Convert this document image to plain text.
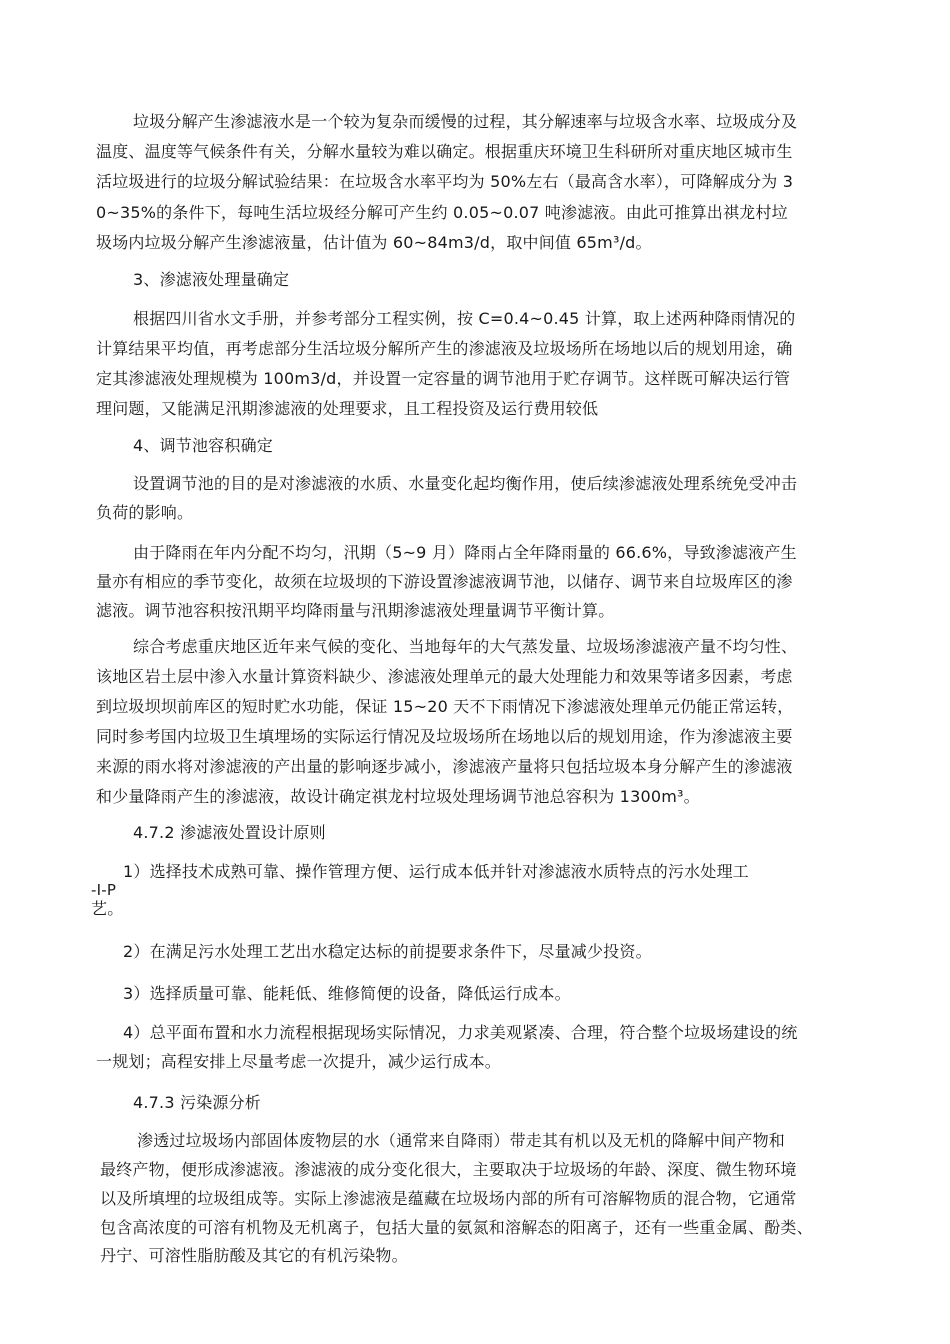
垃圾分解产生渗滤液水是一个较为复杂而缓慢的过程，其分解速率与垃圾含水率、垃圾成分及
温度、温度等气候条件有关，分解水量较为难以确定。根据重庆环境卫生科研所对重庆地区城市生
活垃圾进行的垃圾分解试验结果：在垃圾含水率平均为 50%左右（最高含水率），可降解成分为 3
0~35%的条件下，每吨生活垃圾经分解可产生约 0.05~0.07 吨渗滤液。由此可推算出祺龙村垃
圾场内垃圾分解产生渗滤液量，估计值为 60~84m3/d，取中间值 65m³/d。
3、渗滤液处理量确定
根据四川省水文手册，并参考部分工程实例，按 C=0.4~0.45 计算，取上述两种降雨情况的
计算结果平均值，再考虑部分生活垃圾分解所产生的渗滤液及垃圾场所在场地以后的规划用途，确
定其渗滤液处理规模为 100m3/d，并设置一定容量的调节池用于贮存调节。这样既可解决运行管
理问题，又能满足汛期渗滤液的处理要求，且工程投资及运行费用较低
4、调节池容积确定
设置调节池的目的是对渗滤液的水质、水量变化起均衡作用，使后续渗滤液处理系统免受冲击
负荷的影响。
由于降雨在年内分配不均匀，汛期（5~9 月）降雨占全年降雨量的 66.6%，导致渗滤液产生
量亦有相应的季节变化，故须在垃圾坝的下游设置渗滤液调节池，以储存、调节来自垃圾库区的渗
滤液。调节池容积按汛期平均降雨量与汛期渗滤液处理量调节平衡计算。
综合考虑重庆地区近年来气候的变化、当地每年的大气蒸发量、垃圾场渗滤液产量不均匀性、
该地区岩土层中渗入水量计算资料缺少、渗滤液处理单元的最大处理能力和效果等诸多因素，考虑
到垃圾坝坝前库区的短时贮水功能，保证 15~20 天不下雨情况下渗滤液处理单元仍能正常运转，
同时参考国内垃圾卫生填埋场的实际运行情况及垃圾场所在场地以后的规划用途，作为渗滤液主要
来源的雨水将对渗滤液的产出量的影响逐步减小，渗滤液产量将只包括垃圾本身分解产生的渗滤液
和少量降雨产生的渗滤液，故设计确定祺龙村垃圾处理场调节池总容积为 1300m³。
4.7.2 渗滤液处置设计原则
1）选择技术成熟可靠、操作管理方便、运行成本低并针对渗滤液水质特点的污水处理工
-I-P
艺。
2）在满足污水处理工艺出水稳定达标的前提要求条件下，尽量减少投资。
3）选择质量可靠、能耗低、维修简便的设备，降低运行成本。
4）总平面布置和水力流程根据现场实际情况，力求美观紧凑、合理，符合整个垃圾场建设的统
一规划；高程安排上尽量考虑一次提升，减少运行成本。
4.7.3 污染源分析
渗透过垃圾场内部固体废物层的水（通常来自降雨）带走其有机以及无机的降解中间产物和
最终产物，便形成渗滤液。渗滤液的成分变化很大，主要取决于垃圾场的年龄、深度、微生物环境
以及所填埋的垃圾组成等。实际上渗滤液是蕴藏在垃圾场内部的所有可溶解物质的混合物，它通常
包含高浓度的可溶有机物及无机离子，包括大量的氨氮和溶解态的阳离子，还有一些重金属、酚类、
丹宁、可溶性脂肪酸及其它的有机污染物。
